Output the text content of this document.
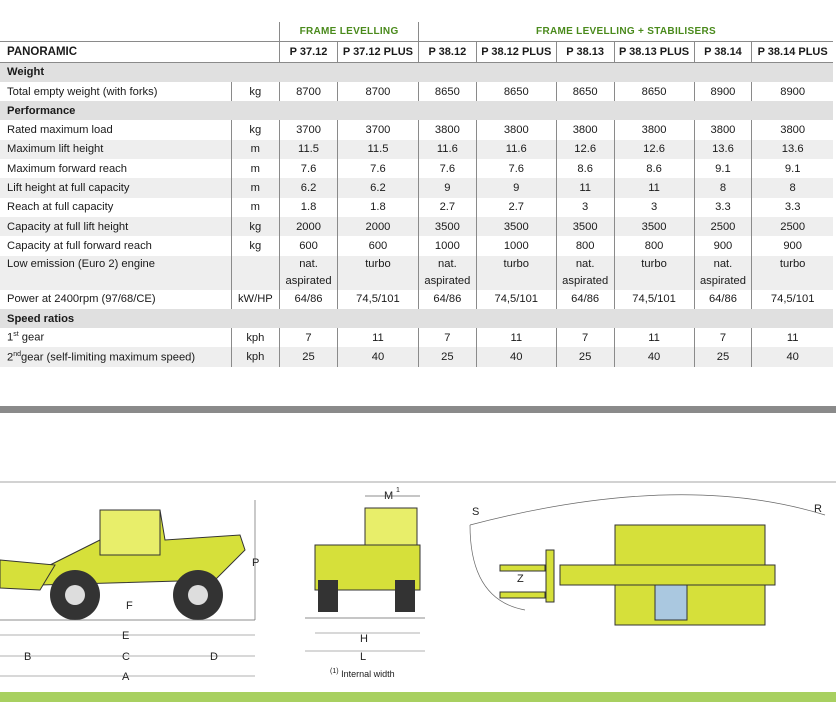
		FRAME LEVELLING		FRAME LEVELLING + STABILISERS					
PANORAMIC		P 37.12	P 37.12 PLUS	P 38.12	P 38.12 PLUS	P 38.13	P 38.13 PLUS	P 38.14	P 38.14 PLUS
Weight									
Total empty weight (with forks)	kg	8700	8700	8650	8650	8650	8650	8900	8900
Performance									
Rated maximum load	kg	3700	3700	3800	3800	3800	3800	3800	3800
Maximum lift height	m	11.5	11.5	11.6	11.6	12.6	12.6	13.6	13.6
Maximum forward reach	m	7.6	7.6	7.6	7.6	8.6	8.6	9.1	9.1
Lift height at full capacity	m	6.2	6.2	9	9	11	11	8	8
Reach at full capacity	m	1.8	1.8	2.7	2.7	3	3	3.3	3.3
Capacity at full lift height	kg	2000	2000	3500	3500	3500	3500	2500	2500
Capacity at full forward reach	kg	600	600	1000	1000	800	800	900	900
Low emission (Euro 2) engine		nat. aspirated	turbo	nat. aspirated	turbo	nat. aspirated	turbo	nat. aspirated	turbo
Power at 2400rpm (97/68/CE)	kW/HP	64/86	74,5/101	64/86	74,5/101	64/86	74,5/101	64/86	74,5/101
Speed ratios									
1st gear	kph	7	11	7	11	7	11	7	11
2ndgear (self-limiting maximum speed)	kph	25	40	25	40	25	40	25	40
P
F
E
B	C	D
A
M 1
H
L
S	R
Z
$^{(1)}$ Internal width
